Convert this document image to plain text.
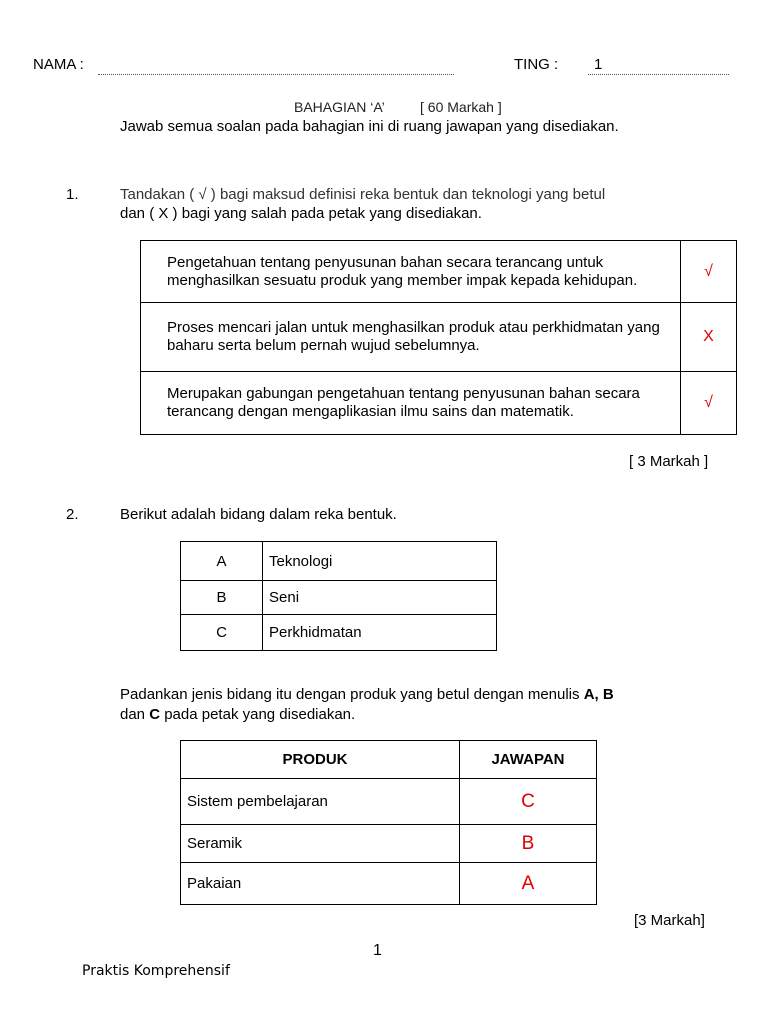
NAMA :	TING : 1
BAHAGIAN ‘A’	[ 60 Markah ]
Jawab semua soalan pada bahagian ini di ruang jawapan yang disediakan.
1.	Tandakan ( √ ) bagi maksud definisi reka bentuk dan teknologi yang betul
dan ( X ) bagi yang salah pada petak yang disediakan.
Pengetahuan tentang penyusunan bahan secara terancang untuk menghasilkan sesuatu produk yang member impak kepada kehidupan.	√
Proses mencari jalan untuk menghasilkan produk atau perkhidmatan yang baharu serta belum pernah wujud sebelumnya.	X
Merupakan gabungan pengetahuan tentang penyusunan bahan secara terancang dengan mengaplikasian ilmu sains dan matematik.	√
[ 3 Markah ]
2.	Berikut adalah bidang dalam reka bentuk.
A	Teknologi
B	Seni
C	Perkhidmatan
Padankan jenis bidang itu dengan produk yang betul dengan menulis A, B
dan C pada petak yang disediakan.
PRODUK	JAWAPAN
Sistem pembelajaran	C
Seramik	B
Pakaian	A
[3 Markah]
1
Praktis Komprehensif
